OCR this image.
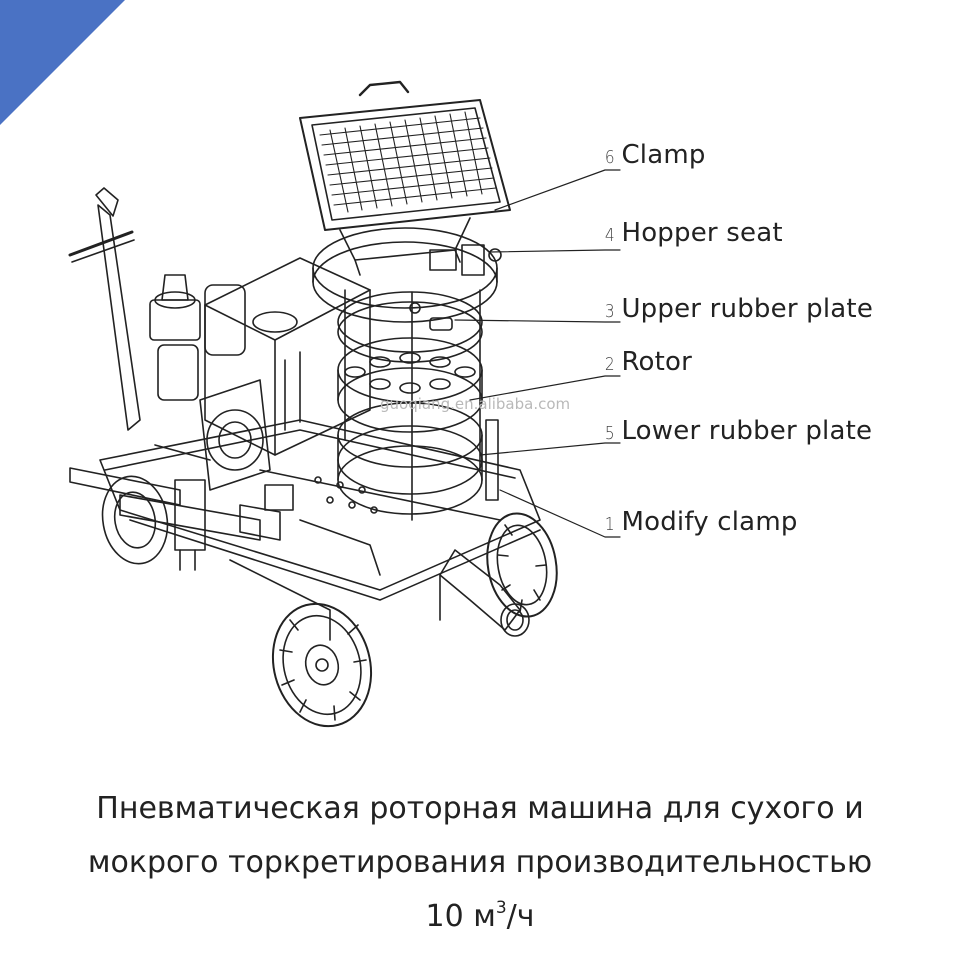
guoqiang.en.alibaba.com
6 Clamp
4 Hopper seat
3 Upper rubber plate
2 Rotor
5 Lower rubber plate
1 Modify clamp
Пневматическая роторная машина для сухого и
мокрого торкретирования производительностью
10 $м^3/ч$
